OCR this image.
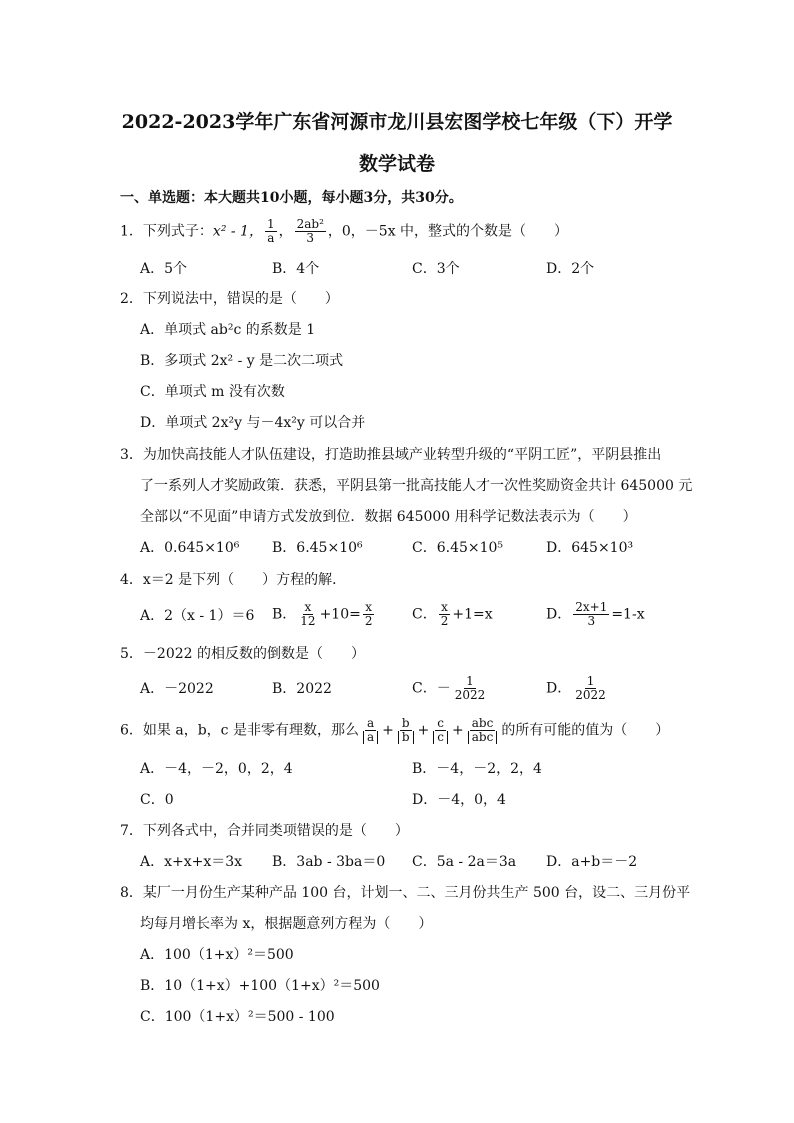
2022-2023学年广东省河源市龙川县宏图学校七年级（下）开学
数学试卷
一、单选题：本大题共10小题，每小题3分，共30分。
1．下列式子：x² - 1， $\frac{1}{a}$ ， $\frac{\text{2ab²}}{3}$ ，0，－5x 中，整式的个数是（　　）
A．5个	B．4个	C．3个	D．2个
2．下列说法中，错误的是（　　）
A．单项式 ab²c 的系数是 1
B．多项式 2x² - y 是二次二项式
C．单项式 m 没有次数
D．单项式 2x²y 与－4x²y 可以合并
3．为加快高技能人才队伍建设，打造助推县域产业转型升级的“平阴工匠”，平阴县推出
了一系列人才奖励政策．获悉，平阴县第一批高技能人才一次性奖励资金共计 645000 元
全部以“不见面”申请方式发放到位．数据 645000 用科学记数法表示为（　　）
A．0.645×10⁶ B．6.45×10⁶	C．6.45×10⁵	D．645×10³
4．x＝2 是下列（　　）方程的解．
A．2（x - 1）＝6 B． $\frac{x}{12} +10= \frac{x}{2}$	C． $\frac{x}{2} +1=x$	D． $\frac{2x+1}{3} =1-x$
5．－2022 的相反数的倒数是（　　）
A．－2022	B．2022	C．－ $\frac{1}{2022}$	D． $\frac{1}{2022}$
6．如果 a，b，c 是非零有理数，那么 $\frac{a}{a} + \frac{b}{b} + \frac{c}{c} + \frac{\text{abc}}{\text{abc}}$ 的所有可能的值为（　　）
A．－4，－2，0，2，4	B．－4，－2，2，4
C．0	D．－4，0，4
7．下列各式中，合并同类项错误的是（　　）
A．x+x+x＝3x B．3ab - 3ba＝0 C．5a - 2a＝3a D．a+b＝－2
8．某厂一月份生产某种产品 100 台，计划一、二、三月份共生产 500 台，设二、三月份平
均每月增长率为 x，根据题意列方程为（　　）
A．100（1+x）²＝500
B．10（1+x）+100（1+x）²＝500
C．100（1+x）²＝500 - 100
